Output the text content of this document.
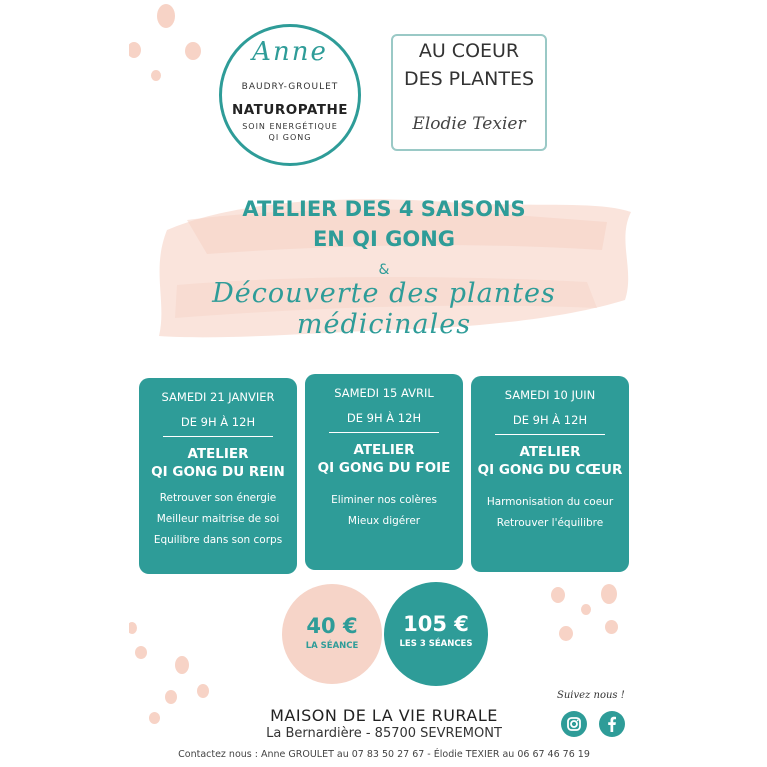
Anne
BAUDRY-GROULET
NATUROPATHE
SOIN ENERGÉTIQUE
QI GONG
AU COEUR
DES PLANTES
Elodie Texier
ATELIER DES 4 SAISONS
EN QI GONG
&
Découverte des plantes médicinales
SAMEDI 21 JANVIER
DE 9H À 12H
ATELIER
QI GONG DU REIN
Retrouver son énergie
Meilleur maitrise de soi
Equilibre dans son corps
SAMEDI 15 AVRIL
DE 9H À 12H
ATELIER
QI GONG DU FOIE
Eliminer nos colères
Mieux digérer
SAMEDI 10 JUIN
DE 9H À 12H
ATELIER
QI GONG DU CŒUR
Harmonisation du coeur
Retrouver l'équilibre
40 €
LA SÉANCE
105 €
LES 3 SÉANCES
Suivez nous !
MAISON DE LA VIE RURALE
La Bernardière - 85700 SEVREMONT
Contactez nous : Anne GROULET au 07 83 50 27 67 - Élodie TEXIER au 06 67 46 76 19
